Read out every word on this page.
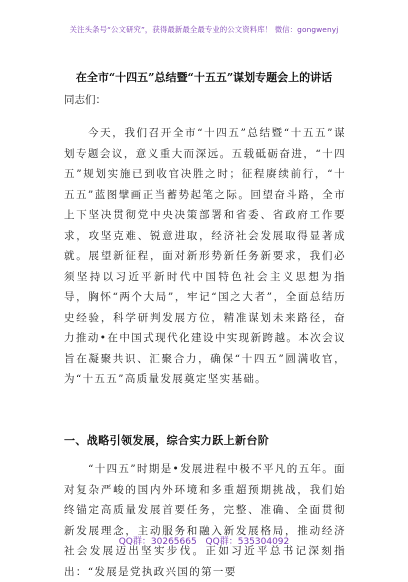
关注头条号“公文研究”，获得最新最全最专业的公文资料库！ 微信：gongwenyj
在全市“十四五”总结暨“十五五”谋划专题会上的讲话
同志们：
今天，我们召开全市“十四五”总结暨“十五五”谋划专题会议，意义重大而深远。五载砥砺奋进，“十四五”规划实施已到收官决胜之时；征程赓续前行，“十五五”蓝图擘画正当蓄势起笔之际。回望奋斗路，全市上下坚决贯彻党中央决策部署和省委、省政府工作要求，攻坚克难、锐意进取，经济社会发展取得显著成就。展望新征程，面对新形势新任务新要求，我们必须坚持以习近平新时代中国特色社会主义思想为指导，胸怀“两个大局”，牢记“国之大者”，全面总结历史经验，科学研判发展方位，精准谋划未来路径，奋力推动•在中国式现代化建设中实现新跨越。本次会议旨在凝聚共识、汇聚合力，确保“十四五”圆满收官，为“十五五”高质量发展奠定坚实基础。
一、战略引领发展，综合实力跃上新台阶
“十四五”时期是•发展进程中极不平凡的五年。面对复杂严峻的国内外环境和多重超预期挑战，我们始终锚定高质量发展首要任务，完整、准确、全面贯彻新发展理念，主动服务和融入新发展格局，推动经济社会发展迈出坚实步伐。正如习近平总书记深刻指出：“发展是党执政兴国的第一要
QQ群：30265665 QQ群：535304092
